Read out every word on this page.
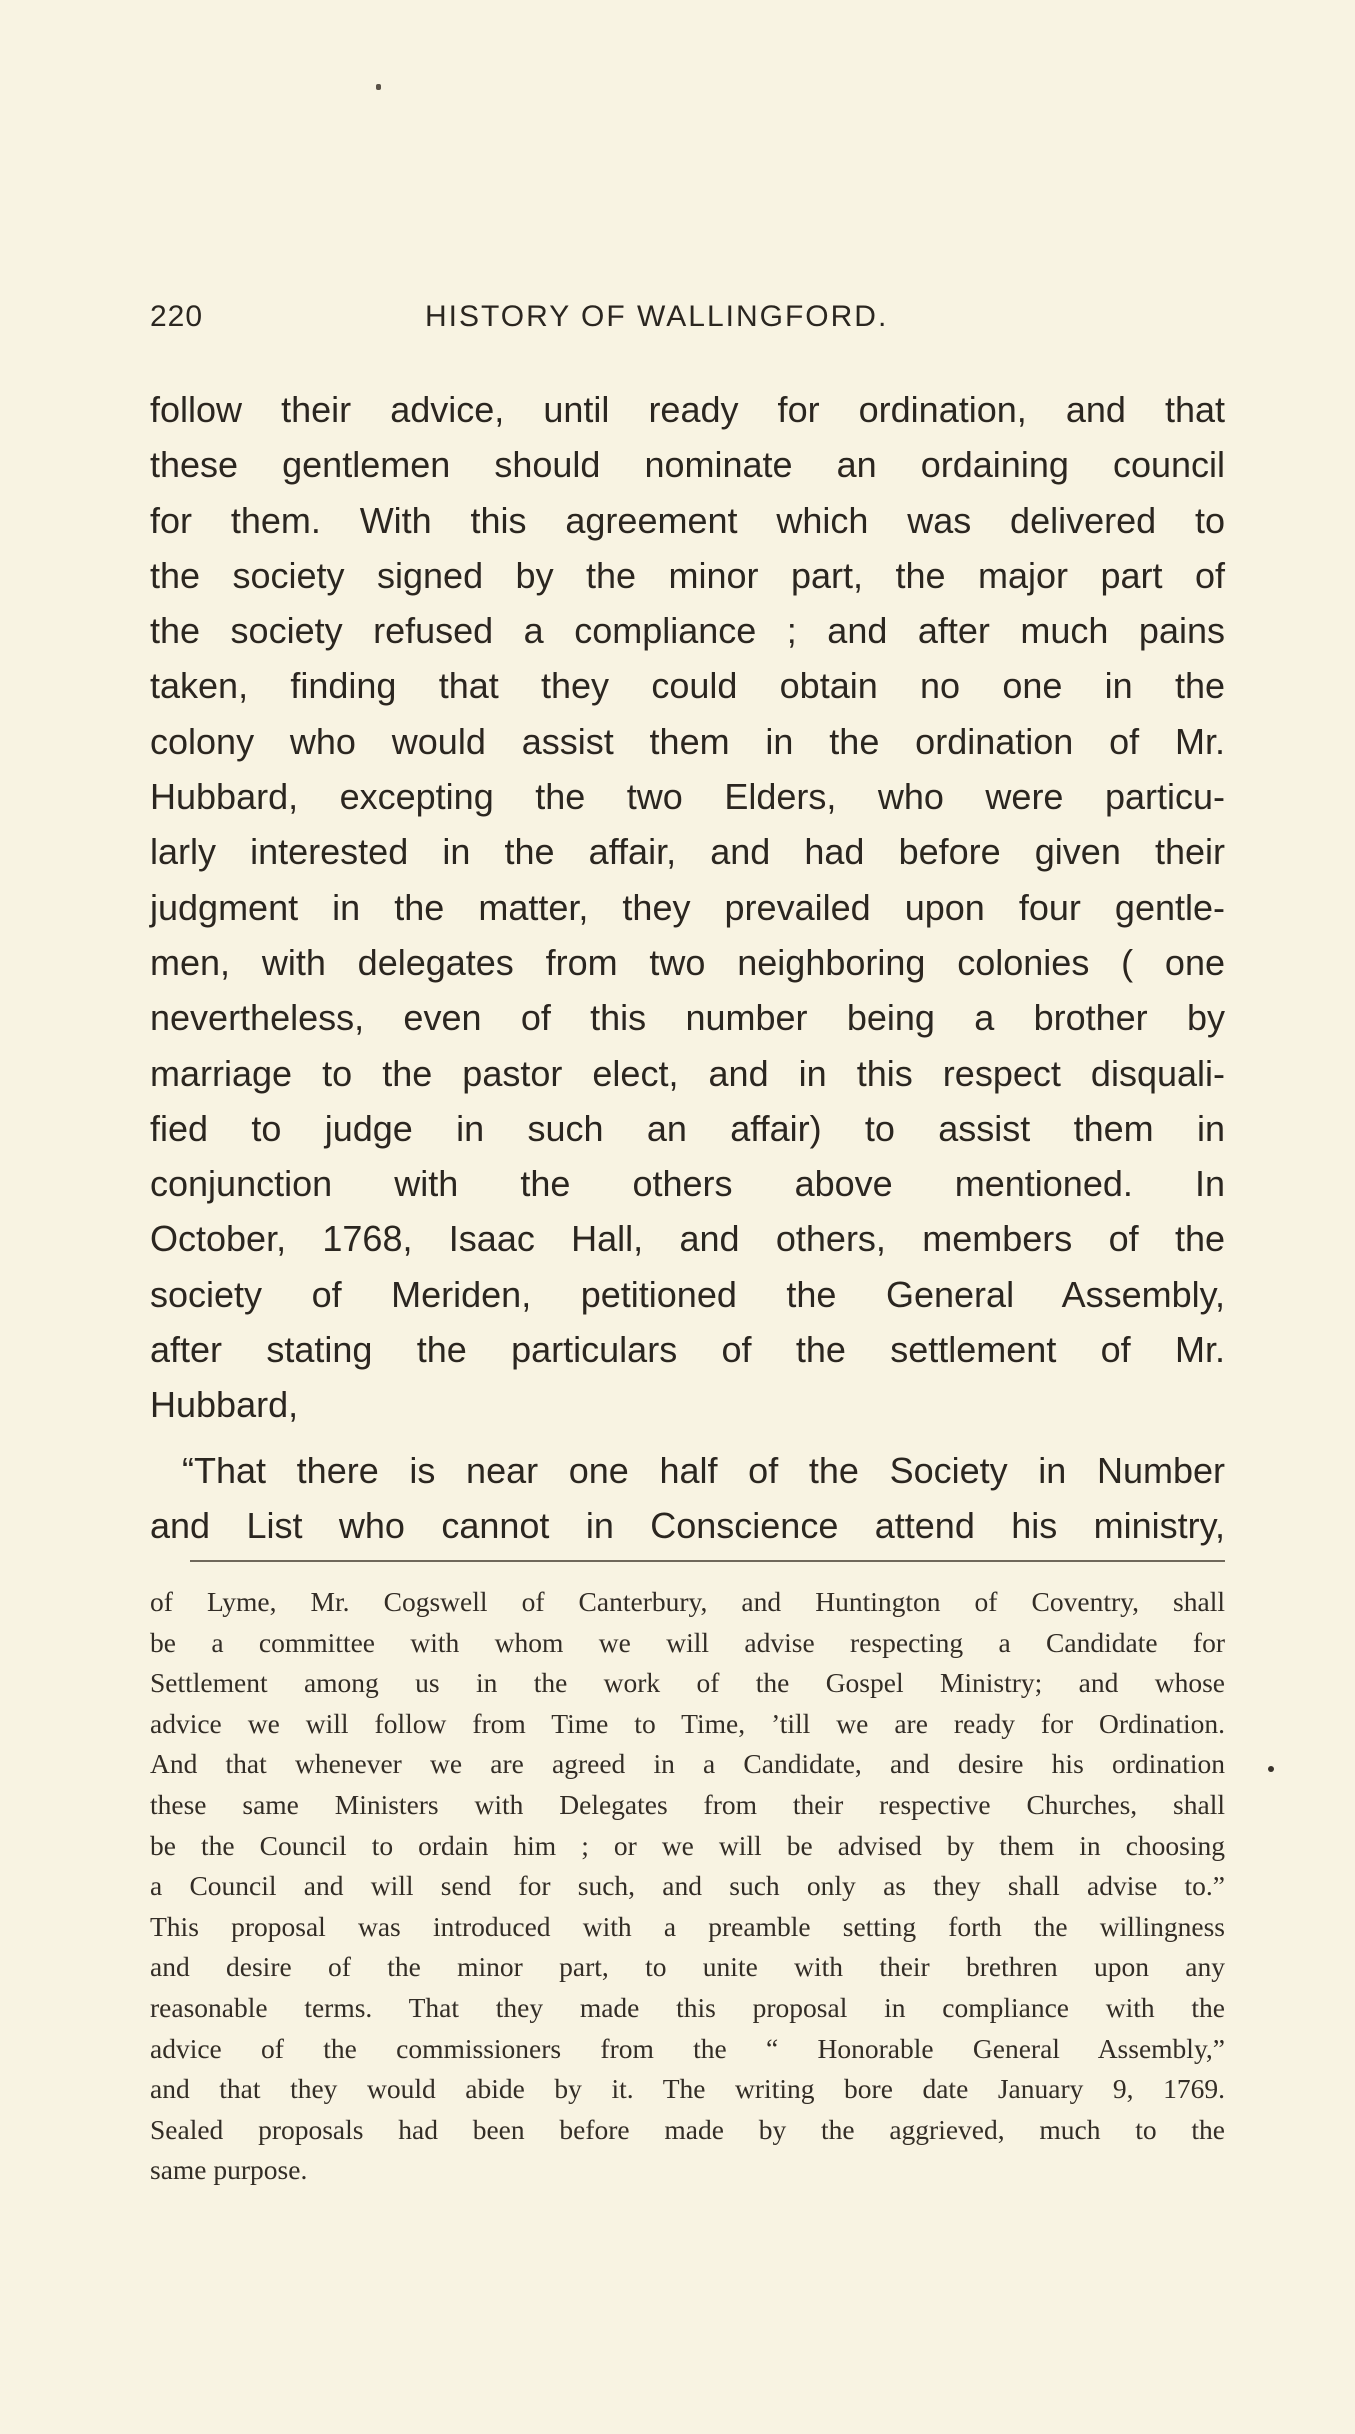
220	HISTORY OF WALLINGFORD.
follow their advice, until ready for ordination, and that
these gentlemen should nominate an ordaining council
for them. With this agreement which was delivered to
the society signed by the minor part, the major part of
the society refused a compliance ; and after much pains
taken, finding that they could obtain no one in the
colony who would assist them in the ordination of Mr.
Hubbard, excepting the two Elders, who were particu-
larly interested in the affair, and had before given their
judgment in the matter, they prevailed upon four gentle-
men, with delegates from two neighboring colonies ( one
nevertheless, even of this number being a brother by
marriage to the pastor elect, and in this respect disquali-
fied to judge in such an affair) to assist them in
conjunction with the others above mentioned. In
October, 1768, Isaac Hall, and others, members of the
society of Meriden, petitioned the General Assembly,
after stating the particulars of the settlement of Mr.
Hubbard,
“That there is near one half of the Society in Number
and List who cannot in Conscience attend his ministry,
of Lyme, Mr. Cogswell of Canterbury, and Huntington of Coventry, shall
be a committee with whom we will advise respecting a Candidate for
Settlement among us in the work of the Gospel Ministry; and whose
advice we will follow from Time to Time, ’till we are ready for Ordination.
And that whenever we are agreed in a Candidate, and desire his ordination
these same Ministers with Delegates from their respective Churches, shall
be the Council to ordain him ; or we will be advised by them in choosing
a Council and will send for such, and such only as they shall advise to.”
This proposal was introduced with a preamble setting forth the willingness
and desire of the minor part, to unite with their brethren upon any
reasonable terms. That they made this proposal in compliance with the
advice of the commissioners from the “ Honorable General Assembly,”
and that they would abide by it. The writing bore date January 9, 1769.
Sealed proposals had been before made by the aggrieved, much to the
same purpose.
